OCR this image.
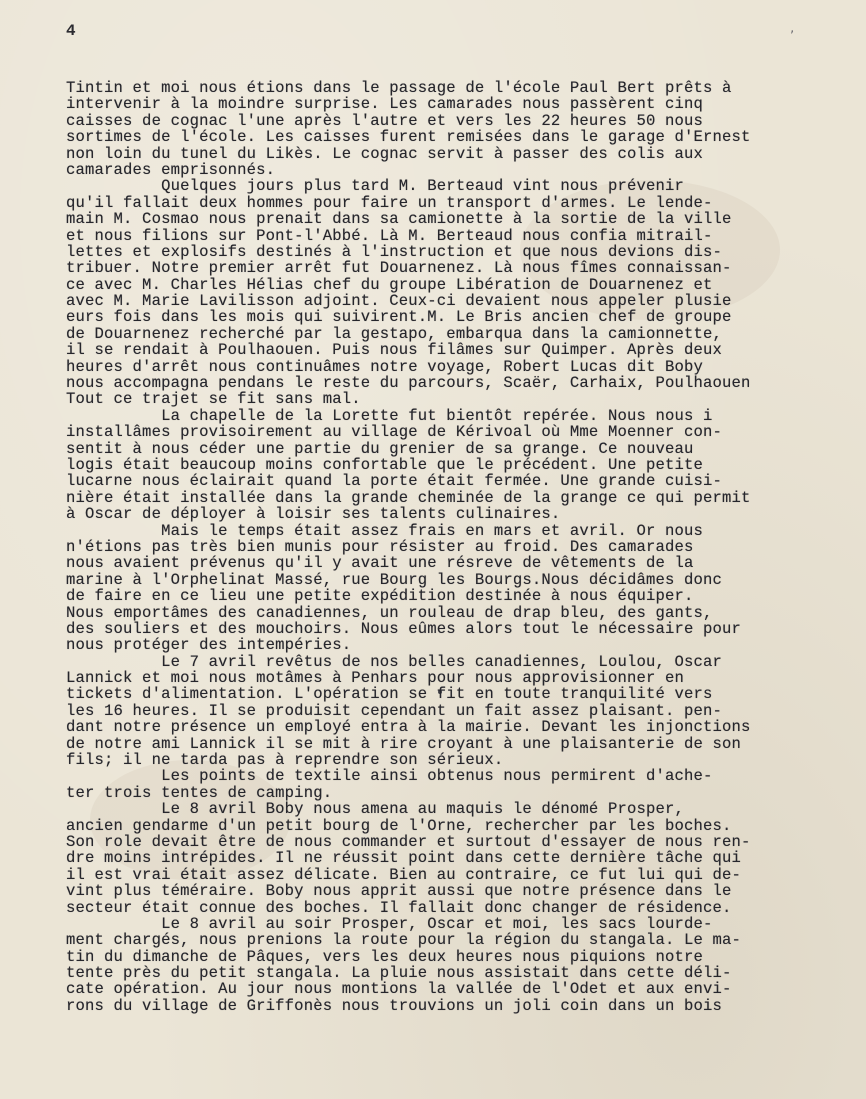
4	ʼ
Tintin et moi nous étions dans le passage de l'école Paul Bert prêts à
intervenir à la moindre surprise. Les camarades nous passèrent cinq
caisses de cognac l'une après l'autre et vers les 22 heures 50 nous
sortimes de l'école. Les caisses furent remisées dans le garage d'Ernest
non loin du tunel du Likès. Le cognac servit à passer des colis aux
camarades emprisonnés.
Quelques jours plus tard M. Berteaud vint nous prévenir
qu'il fallait deux hommes pour faire un transport d'armes. Le lende-
main M. Cosmao nous prenait dans sa camionette à la sortie de la ville
et nous filions sur Pont-l'Abbé. Là M. Berteaud nous confia mitrail-
lettes et explosifs destinés à l'instruction et que nous devions dis-
tribuer. Notre premier arrêt fut Douarnenez. Là nous fîmes connaissan-
ce avec M. Charles Hélias chef du groupe Libération de Douarnenez et
avec M. Marie Lavilisson adjoint. Ceux-ci devaient nous appeler plusie
eurs fois dans les mois qui suivirent.M. Le Bris ancien chef de groupe
de Douarnenez recherché par la gestapo, embarqua dans la camionnette,
il se rendait à Poulhaouen. Puis nous filâmes sur Quimper. Après deux
heures d'arrêt nous continuâmes notre voyage, Robert Lucas dit Boby
nous accompagna pendans le reste du parcours, Scaër, Carhaix, Poulhaouen
Tout ce trajet se fit sans mal.
La chapelle de la Lorette fut bientôt repérée. Nous nous i
installâmes provisoirement au village de Kérivoal où Mme Moenner con-
sentit à nous céder une partie du grenier de sa grange. Ce nouveau
logis était beaucoup moins confortable que le précédent. Une petite
lucarne nous éclairait quand la porte était fermée. Une grande cuisi-
nière était installée dans la grande cheminée de la grange ce qui permit
à Oscar de déployer à loisir ses talents culinaires.
Mais le temps était assez frais en mars et avril. Or nous
n'étions pas très bien munis pour résister au froid. Des camarades
nous avaient prévenus qu'il y avait une résreve de vêtements de la
marine à l'Orphelinat Massé, rue Bourg les Bourgs.Nous décidâmes donc
de faire en ce lieu une petite expédition destinée à nous équiper.
Nous emportâmes des canadiennes, un rouleau de drap bleu, des gants,
des souliers et des mouchoirs. Nous eûmes alors tout le nécessaire pour
nous protéger des intempéries.
Le 7 avril revêtus de nos belles canadiennes, Loulou, Oscar
Lannick et moi nous motâmes à Penhars pour nous approvisionner en
tickets d'alimentation. L'opération se fit en toute tranquilité vers
les 16 heures. Il se produisit cependant un fait assez plaisant. pen-
dant notre présence un employé entra à la mairie. Devant les injonctions
de notre ami Lannick il se mit à rire croyant à une plaisanterie de son
fils; il ne tarda pas à reprendre son sérieux.
Les points de textile ainsi obtenus nous permirent d'ache-
ter trois tentes de camping.
Le 8 avril Boby nous amena au maquis le dénomé Prosper,
ancien gendarme d'un petit bourg de l'Orne, rechercher par les boches.
Son role devait être de nous commander et surtout d'essayer de nous ren-
dre moins intrépides. Il ne réussit point dans cette dernière tâche qui
il est vrai était assez délicate. Bien au contraire, ce fut lui qui de-
vint plus téméraire. Boby nous apprit aussi que notre présence dans le
secteur était connue des boches. Il fallait donc changer de résidence.
Le 8 avril au soir Prosper, Oscar et moi, les sacs lourde-
ment chargés, nous prenions la route pour la région du stangala. Le ma-
tin du dimanche de Pâques, vers les deux heures nous piquions notre
tente près du petit stangala. La pluie nous assistait dans cette déli-
cate opération. Au jour nous montions la vallée de l'Odet et aux envi-
rons du village de Griffonès nous trouvions un joli coin dans un bois
